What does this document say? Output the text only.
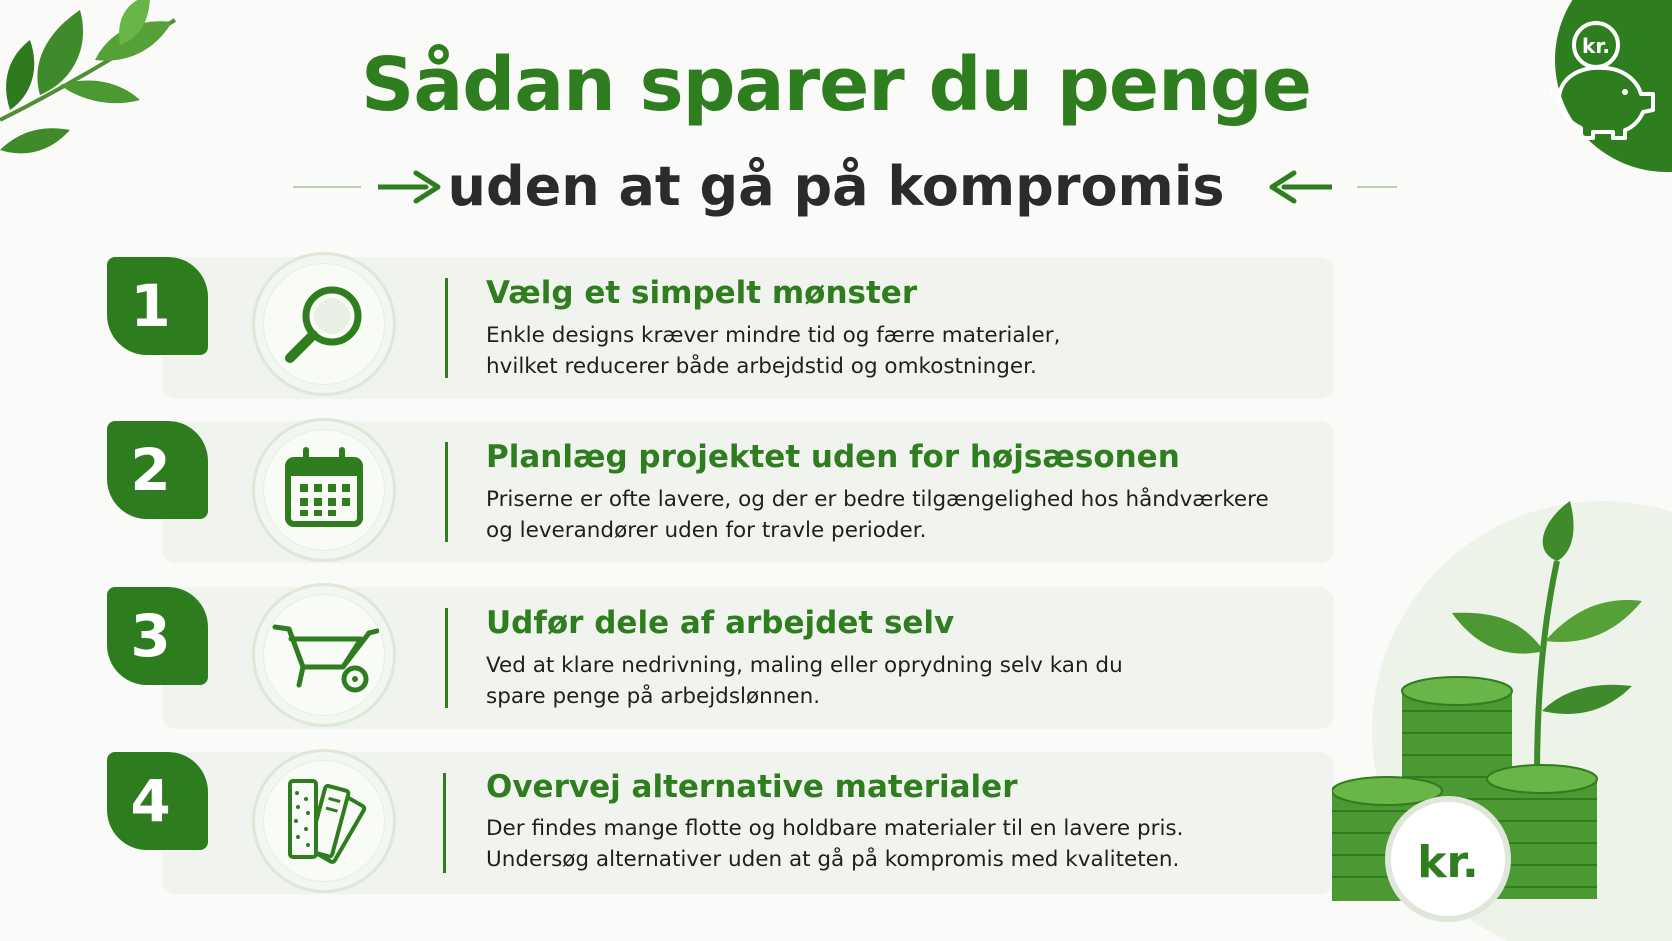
kr.
Sådan sparer du penge
uden at gå på kompromis
1	Vælg et simpelt mønster
Enkle designs kræver mindre tid og færre materialer,
hvilket reducerer både arbejdstid og omkostninger.
2	Planlæg projektet uden for højsæsonen
Priserne er ofte lavere, og der er bedre tilgængelighed hos håndværkere
og leverandører uden for travle perioder.
3	Udfør dele af arbejdet selv
Ved at klare nedrivning, maling eller oprydning selv kan du
spare penge på arbejdslønnen.
4	Overvej alternative materialer
Der findes mange flotte og holdbare materialer til en lavere pris.
Undersøg alternativer uden at gå på kompromis med kvaliteten.	kr.
